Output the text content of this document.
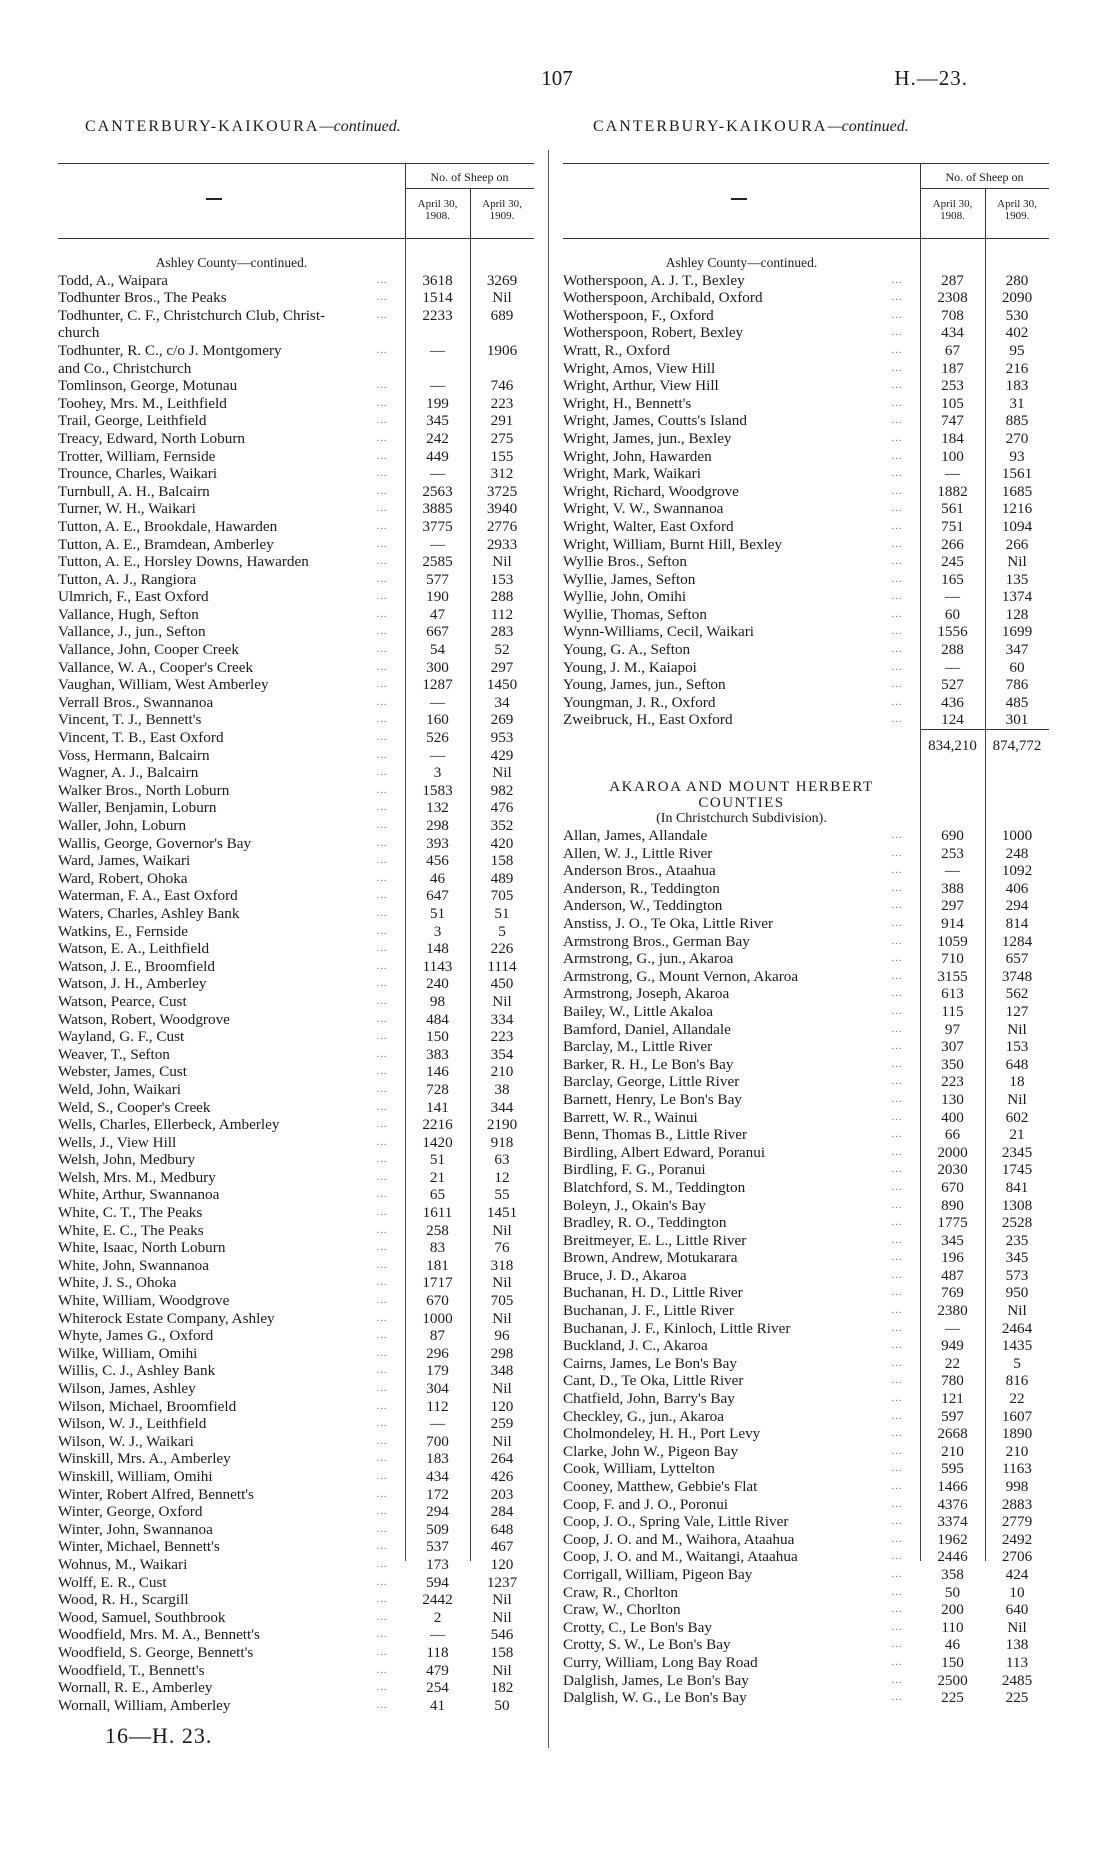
107	H.—23.
CANTERBURY-KAIKOURA—continued.	CANTERBURY-KAIKOURA—continued.
No. of Sheep on
April 30,
1908.
April 30,
1909.
Ashley County—continued.
Todd, A., Waipara	…	3618	3269
Todhunter Bros., The Peaks	…	1514	Nil
Todhunter, C. F., Christchurch Club, Christ-	…	2233	689
church
Todhunter, R. C., c/o J. Montgomery	…	—	1906
and Co., Christchurch
Tomlinson, George, Motunau	…	—	746
Toohey, Mrs. M., Leithfield	…	199	223
Trail, George, Leithfield	…	345	291
Treacy, Edward, North Loburn	…	242	275
Trotter, William, Fernside	…	449	155
Trounce, Charles, Waikari	…	—	312
Turnbull, A. H., Balcairn	…	2563	3725
Turner, W. H., Waikari	…	3885	3940
Tutton, A. E., Brookdale, Hawarden	…	3775	2776
Tutton, A. E., Bramdean, Amberley	…	—	2933
Tutton, A. E., Horsley Downs, Hawarden	…	2585	Nil
Tutton, A. J., Rangiora	…	577	153
Ulmrich, F., East Oxford	…	190	288
Vallance, Hugh, Sefton	…	47	112
Vallance, J., jun., Sefton	…	667	283
Vallance, John, Cooper Creek	…	54	52
Vallance, W. A., Cooper's Creek	…	300	297
Vaughan, William, West Amberley	…	1287	1450
Verrall Bros., Swannanoa	…	—	34
Vincent, T. J., Bennett's	…	160	269
Vincent, T. B., East Oxford	…	526	953
Voss, Hermann, Balcairn	…	—	429
Wagner, A. J., Balcairn	…	3	Nil
Walker Bros., North Loburn	…	1583	982
Waller, Benjamin, Loburn	…	132	476
Waller, John, Loburn	…	298	352
Wallis, George, Governor's Bay	…	393	420
Ward, James, Waikari	…	456	158
Ward, Robert, Ohoka	…	46	489
Waterman, F. A., East Oxford	…	647	705
Waters, Charles, Ashley Bank	…	51	51
Watkins, E., Fernside	…	3	5
Watson, E. A., Leithfield	…	148	226
Watson, J. E., Broomfield	…	1143	1114
Watson, J. H., Amberley	…	240	450
Watson, Pearce, Cust	…	98	Nil
Watson, Robert, Woodgrove	…	484	334
Wayland, G. F., Cust	…	150	223
Weaver, T., Sefton	…	383	354
Webster, James, Cust	…	146	210
Weld, John, Waikari	…	728	38
Weld, S., Cooper's Creek	…	141	344
Wells, Charles, Ellerbeck, Amberley	…	2216	2190
Wells, J., View Hill	…	1420	918
Welsh, John, Medbury	…	51	63
Welsh, Mrs. M., Medbury	…	21	12
White, Arthur, Swannanoa	…	65	55
White, C. T., The Peaks	…	1611	1451
White, E. C., The Peaks	…	258	Nil
White, Isaac, North Loburn	…	83	76
White, John, Swannanoa	…	181	318
White, J. S., Ohoka	…	1717	Nil
White, William, Woodgrove	…	670	705
Whiterock Estate Company, Ashley	…	1000	Nil
Whyte, James G., Oxford	…	87	96
Wilke, William, Omihi	…	296	298
Willis, C. J., Ashley Bank	…	179	348
Wilson, James, Ashley	…	304	Nil
Wilson, Michael, Broomfield	…	112	120
Wilson, W. J., Leithfield	…	—	259
Wilson, W. J., Waikari	…	700	Nil
Winskill, Mrs. A., Amberley	…	183	264
Winskill, William, Omihi	…	434	426
Winter, Robert Alfred, Bennett's	…	172	203
Winter, George, Oxford	…	294	284
Winter, John, Swannanoa	…	509	648
Winter, Michael, Bennett's	…	537	467
Wohnus, M., Waikari	…	173	120
Wolff, E. R., Cust	…	594	1237
Wood, R. H., Scargill	…	2442	Nil
Wood, Samuel, Southbrook	…	2	Nil
Woodfield, Mrs. M. A., Bennett's	…	—	546
Woodfield, S. George, Bennett's	…	118	158
Woodfield, T., Bennett's	…	479	Nil
Wornall, R. E., Amberley	…	254	182
Wornall, William, Amberley	…	41	50
No. of Sheep on
April 30,
1908.
April 30,
1909.
Ashley County—continued.
Wotherspoon, A. J. T., Bexley	…	287	280
Wotherspoon, Archibald, Oxford	…	2308	2090
Wotherspoon, F., Oxford	…	708	530
Wotherspoon, Robert, Bexley	…	434	402
Wratt, R., Oxford	…	67	95
Wright, Amos, View Hill	…	187	216
Wright, Arthur, View Hill	…	253	183
Wright, H., Bennett's	…	105	31
Wright, James, Coutts's Island	…	747	885
Wright, James, jun., Bexley	…	184	270
Wright, John, Hawarden	…	100	93
Wright, Mark, Waikari	…	—	1561
Wright, Richard, Woodgrove	…	1882	1685
Wright, V. W., Swannanoa	…	561	1216
Wright, Walter, East Oxford	…	751	1094
Wright, William, Burnt Hill, Bexley	…	266	266
Wyllie Bros., Sefton	…	245	Nil
Wyllie, James, Sefton	…	165	135
Wyllie, John, Omihi	…	—	1374
Wyllie, Thomas, Sefton	…	60	128
Wynn-Williams, Cecil, Waikari	…	1556	1699
Young, G. A., Sefton	…	288	347
Young, J. M., Kaiapoi	…	—	60
Young, James, jun., Sefton	…	527	786
Youngman, J. R., Oxford	…	436	485
Zweibruck, H., East Oxford	…	124	301
834,210	874,772
AKAROA AND MOUNT HERBERT
COUNTIES
(In Christchurch Subdivision).
Allan, James, Allandale	…	690	1000
Allen, W. J., Little River	…	253	248
Anderson Bros., Ataahua	…	—	1092
Anderson, R., Teddington	…	388	406
Anderson, W., Teddington	…	297	294
Anstiss, J. O., Te Oka, Little River	…	914	814
Armstrong Bros., German Bay	…	1059	1284
Armstrong, G., jun., Akaroa	…	710	657
Armstrong, G., Mount Vernon, Akaroa	…	3155	3748
Armstrong, Joseph, Akaroa	…	613	562
Bailey, W., Little Akaloa	…	115	127
Bamford, Daniel, Allandale	…	97	Nil
Barclay, M., Little River	…	307	153
Barker, R. H., Le Bon's Bay	…	350	648
Barclay, George, Little River	…	223	18
Barnett, Henry, Le Bon's Bay	…	130	Nil
Barrett, W. R., Wainui	…	400	602
Benn, Thomas B., Little River	…	66	21
Birdling, Albert Edward, Poranui	…	2000	2345
Birdling, F. G., Poranui	…	2030	1745
Blatchford, S. M., Teddington	…	670	841
Boleyn, J., Okain's Bay	…	890	1308
Bradley, R. O., Teddington	…	1775	2528
Breitmeyer, E. L., Little River	…	345	235
Brown, Andrew, Motukarara	…	196	345
Bruce, J. D., Akaroa	…	487	573
Buchanan, H. D., Little River	…	769	950
Buchanan, J. F., Little River	…	2380	Nil
Buchanan, J. F., Kinloch, Little River	…	—	2464
Buckland, J. C., Akaroa	…	949	1435
Cairns, James, Le Bon's Bay	…	22	5
Cant, D., Te Oka, Little River	…	780	816
Chatfield, John, Barry's Bay	…	121	22
Checkley, G., jun., Akaroa	…	597	1607
Cholmondeley, H. H., Port Levy	…	2668	1890
Clarke, John W., Pigeon Bay	…	210	210
Cook, William, Lyttelton	…	595	1163
Cooney, Matthew, Gebbie's Flat	…	1466	998
Coop, F. and J. O., Poronui	…	4376	2883
Coop, J. O., Spring Vale, Little River	…	3374	2779
Coop, J. O. and M., Waihora, Ataahua	…	1962	2492
Coop, J. O. and M., Waitangi, Ataahua	…	2446	2706
Corrigall, William, Pigeon Bay	…	358	424
Craw, R., Chorlton	…	50	10
Craw, W., Chorlton	…	200	640
Crotty, C., Le Bon's Bay	…	110	Nil
Crotty, S. W., Le Bon's Bay	…	46	138
Curry, William, Long Bay Road	…	150	113
Dalglish, James, Le Bon's Bay	…	2500	2485
Dalglish, W. G., Le Bon's Bay	…	225	225
16—H. 23.
